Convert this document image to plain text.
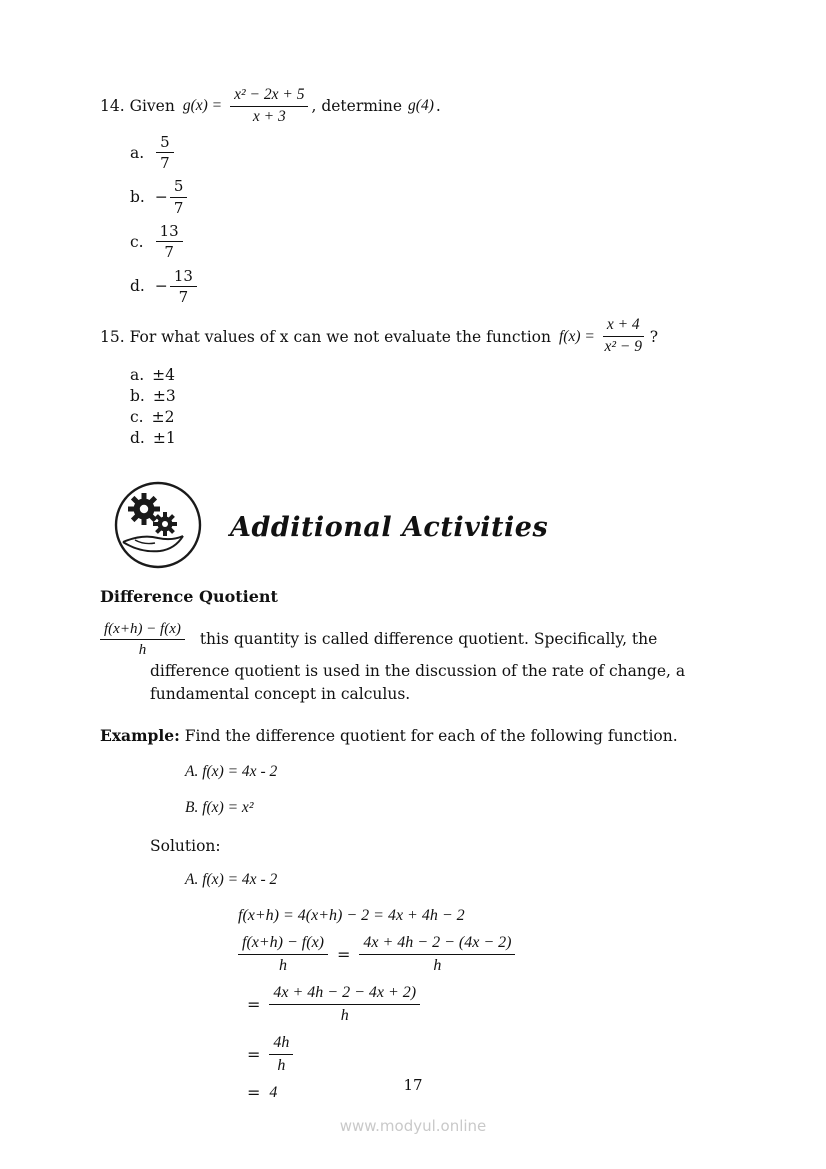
14. Given $g(x) = \frac{\text{x² − 2x + 5}}{x + 3}$ , determine g(4) .
a. $\frac{5}{7}$
b. − $\frac{5}{7}$
c. $\frac{13}{7}$
d. − $\frac{13}{7}$
15. For what values of x can we not evaluate the function $f(x) = \frac{x + 4}{\text{x² − 9}}$ ?
a. ±4
b. ±3
c. ±2
d. ±1
Additional Activities
Difference Quotient
$\frac{f(x+h) - f(x)}{h}$ this quantity is called difference quotient. Specifically, the difference quotient is used in the discussion of the rate of change, a fundamental concept in calculus.
Example: Find the difference quotient for each of the following function.
A. f(x) = 4x - 2
B. f(x) = x²
Solution:
A. f(x) = 4x - 2
f(x+h) = 4(x+h) − 2 = 4x + 4h − 2
$\frac{f(x+h) - f(x)}{h} = \frac{4x + 4h - 2 - (4x - 2)}{h}$
= $\frac{4x + 4h - 2 - 4x + 2)}{h}$
= $\frac{4h}{h}$
= 4	17
www.modyul.online
